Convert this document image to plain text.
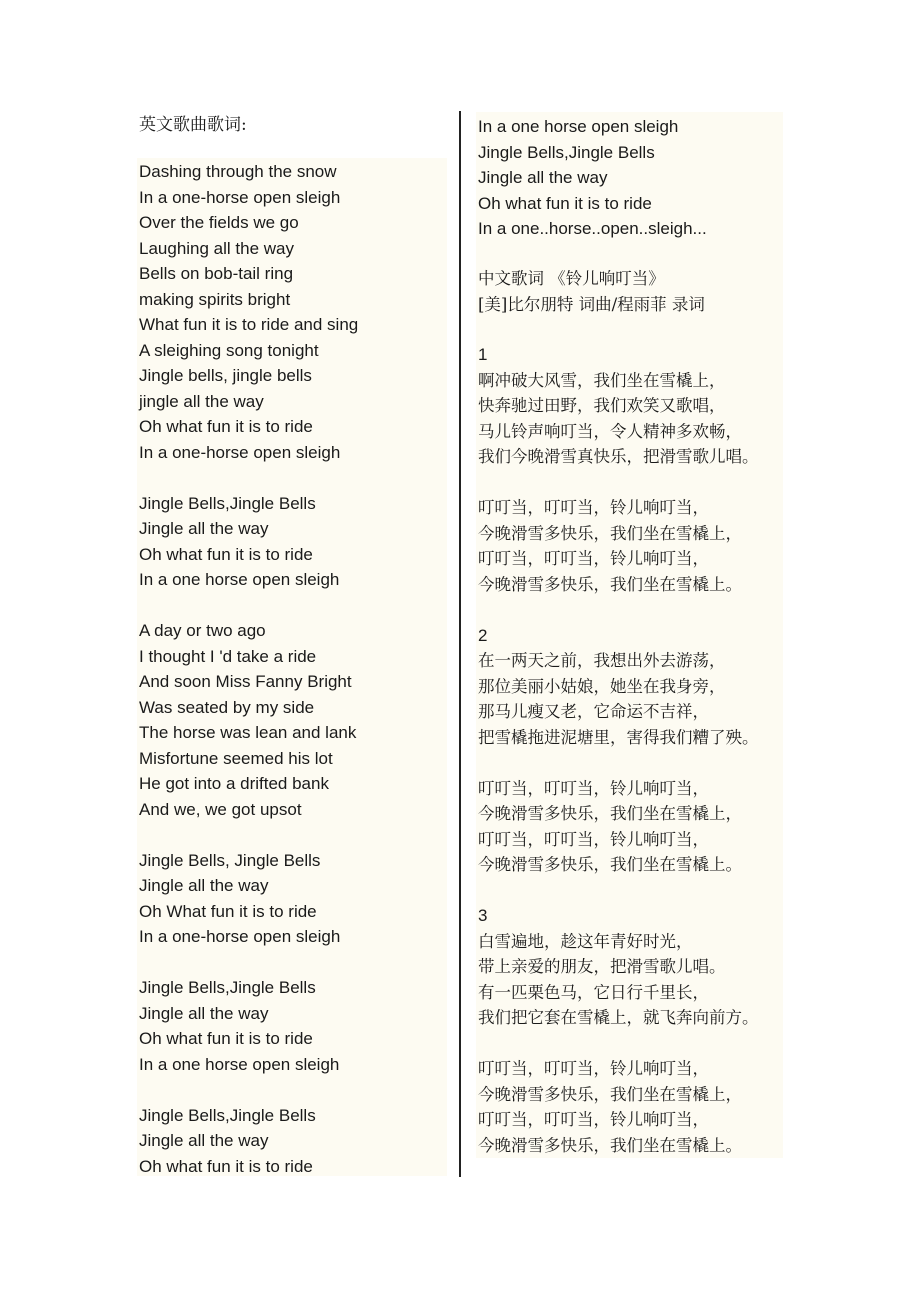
英文歌曲歌词:
Dashing through the snow
In a one-horse open sleigh
Over the fields we go
Laughing all the way
Bells on bob-tail ring
making spirits bright
What fun it is to ride and sing
A sleighing song tonight
Jingle bells, jingle bells
jingle all the way
Oh what fun it is to ride
In a one-horse open sleigh
Jingle Bells,Jingle Bells
Jingle all the way
Oh what fun it is to ride
In a one horse open sleigh
A day or two ago
I thought I 'd take a ride
And soon Miss Fanny Bright
Was seated by my side
The horse was lean and lank
Misfortune seemed his lot
He got into a drifted bank
And we, we got upsot
Jingle Bells, Jingle Bells
Jingle all the way
Oh What fun it is to ride
In a one-horse open sleigh
Jingle Bells,Jingle Bells
Jingle all the way
Oh what fun it is to ride
In a one horse open sleigh
Jingle Bells,Jingle Bells
Jingle all the way
Oh what fun it is to ride
In a one horse open sleigh
Jingle Bells,Jingle Bells
Jingle all the way
Oh what fun it is to ride
In a one..horse..open..sleigh...
中文歌词 《铃儿响叮当》
[美]比尔朋特 词曲/程雨菲 录词
1
啊冲破大风雪，我们坐在雪橇上，
快奔驰过田野，我们欢笑又歌唱，
马儿铃声响叮当，令人精神多欢畅，
我们今晚滑雪真快乐，把滑雪歌儿唱。
叮叮当，叮叮当，铃儿响叮当，
今晚滑雪多快乐，我们坐在雪橇上，
叮叮当，叮叮当，铃儿响叮当，
今晚滑雪多快乐，我们坐在雪橇上。
2
在一两天之前，我想出外去游荡，
那位美丽小姑娘，她坐在我身旁，
那马儿瘦又老，它命运不吉祥，
把雪橇拖进泥塘里，害得我们糟了殃。
叮叮当，叮叮当，铃儿响叮当，
今晚滑雪多快乐，我们坐在雪橇上，
叮叮当，叮叮当，铃儿响叮当，
今晚滑雪多快乐，我们坐在雪橇上。
3
白雪遍地，趁这年青好时光，
带上亲爱的朋友，把滑雪歌儿唱。
有一匹栗色马，它日行千里长，
我们把它套在雪橇上，就飞奔向前方。
叮叮当，叮叮当，铃儿响叮当，
今晚滑雪多快乐，我们坐在雪橇上，
叮叮当，叮叮当，铃儿响叮当，
今晚滑雪多快乐，我们坐在雪橇上。
